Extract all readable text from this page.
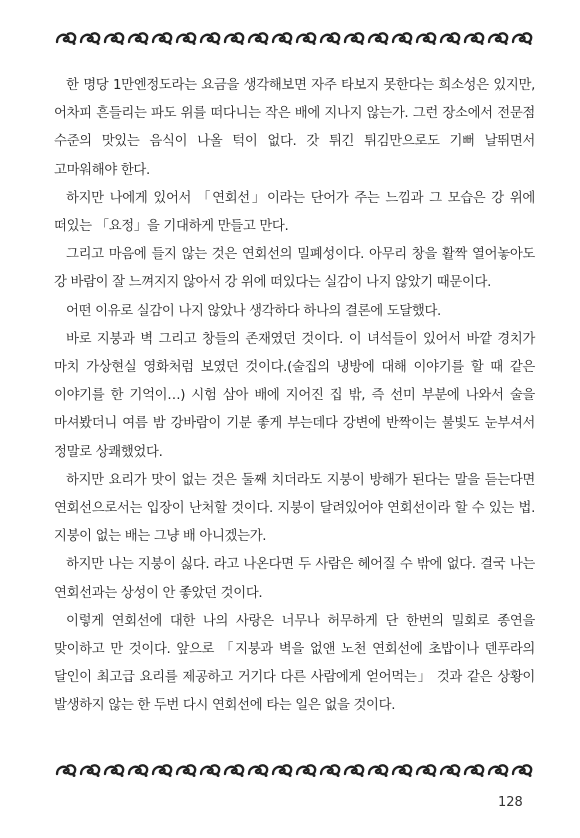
한 명당 1만엔정도라는 요금을 생각해보면 자주 타보지 못한다는 희소성은 있지만, 어차피 흔들리는 파도 위를 떠다니는 작은 배에 지나지 않는가. 그런 장소에서 전문점 수준의 맛있는 음식이 나올 턱이 없다. 갓 튀긴 튀김만으로도 기뻐 날뛰면서 고마워해야 한다.

하지만 나에게 있어서 「연회선」이라는 단어가 주는 느낌과 그 모습은 강 위에 떠있는 「요정」을 기대하게 만들고 만다.

그리고 마음에 들지 않는 것은 연회선의 밀폐성이다. 아무리 창을 활짝 열어놓아도 강 바람이 잘 느껴지지 않아서 강 위에 떠있다는 실감이 나지 않았기 때문이다.

어떤 이유로 실감이 나지 않았나 생각하다 하나의 결론에 도달했다.

바로 지붕과 벽 그리고 창들의 존재였던 것이다. 이 녀석들이 있어서 바깥 경치가 마치 가상현실 영화처럼 보였던 것이다.(술집의 냉방에 대해 이야기를 할 때 같은 이야기를 한 기억이…) 시험 삼아 배에 지어진 집 밖, 즉 선미 부분에 나와서 술을 마셔봤더니 여름 밤 강바람이 기분 좋게 부는데다 강변에 반짝이는 불빛도 눈부셔서 정말로 상쾌했었다.

하지만 요리가 맛이 없는 것은 둘째 치더라도 지붕이 방해가 된다는 말을 듣는다면 연회선으로서는 입장이 난처할 것이다. 지붕이 달려있어야 연회선이라 할 수 있는 법. 지붕이 없는 배는 그냥 배 아니겠는가.

하지만 나는 지붕이 싫다. 라고 나온다면 두 사람은 헤어질 수 밖에 없다. 결국 나는 연회선과는 상성이 안 좋았던 것이다.

이렇게 연회선에 대한 나의 사랑은 너무나 허무하게 단 한번의 밀회로 종연을 맞이하고 만 것이다. 앞으로 「지붕과 벽을 없앤 노천 연회선에 초밥이나 덴푸라의 달인이 최고급 요리를 제공하고 거기다 다른 사람에게 얻어먹는」 것과 같은 상황이 발생하지 않는 한 두번 다시 연회선에 타는 일은 없을 것이다.

128
